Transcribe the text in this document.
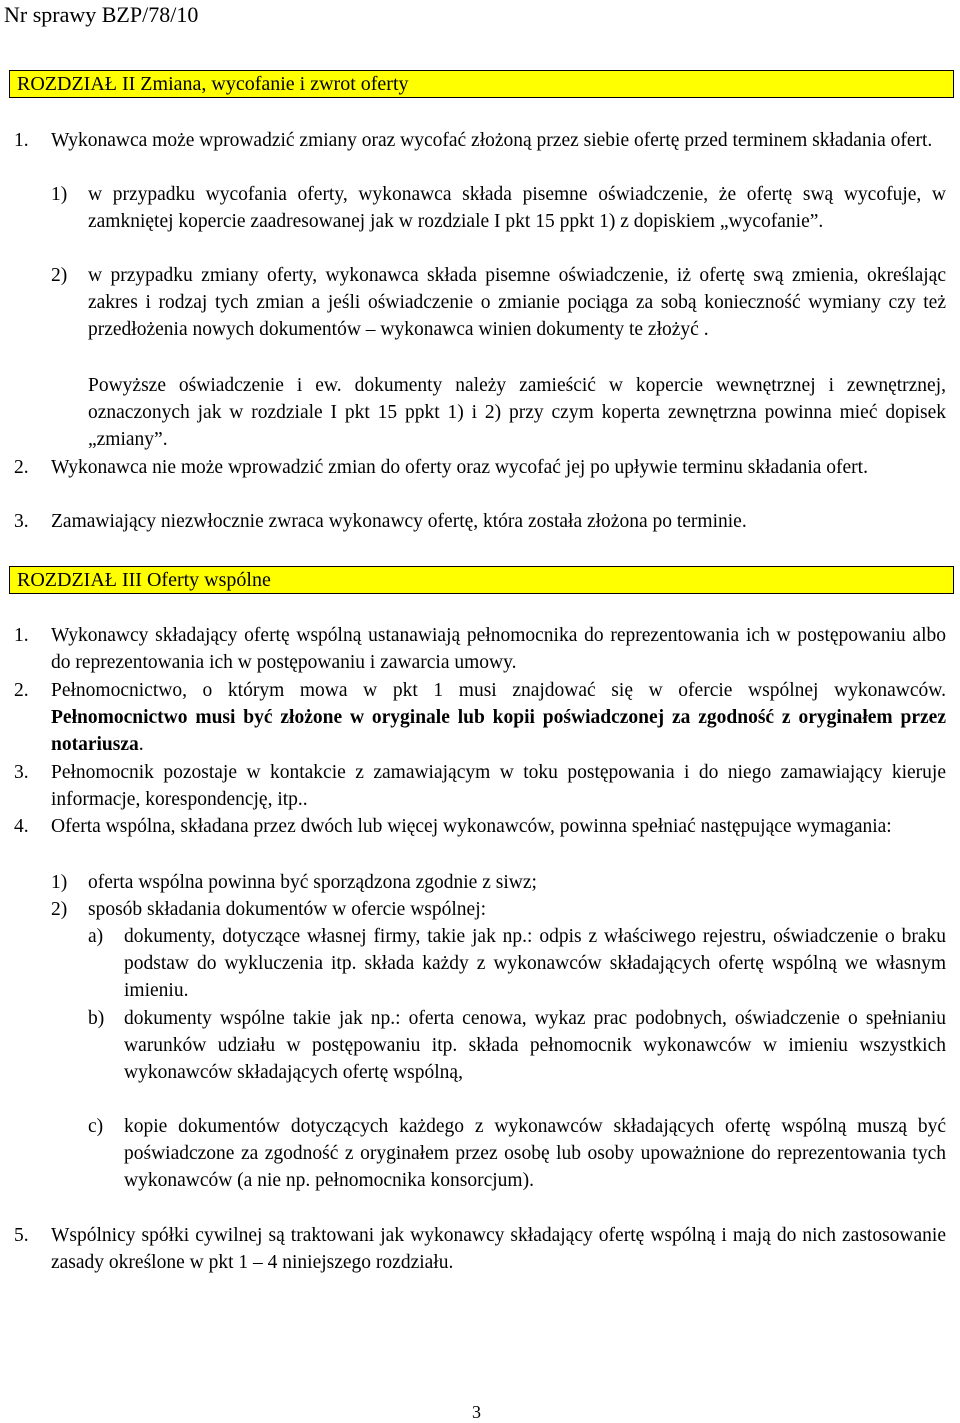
Nr sprawy BZP/78/10
ROZDZIAŁ II Zmiana, wycofanie i zwrot oferty
1. Wykonawca może wprowadzić zmiany oraz wycofać złożoną przez siebie ofertę przed terminem składania ofert.
1) w przypadku wycofania oferty, wykonawca składa pisemne oświadczenie, że ofertę swą wycofuje, w zamkniętej kopercie zaadresowanej jak w rozdziale I pkt 15 ppkt 1) z dopiskiem „wycofanie”.
2) w przypadku zmiany oferty, wykonawca składa pisemne oświadczenie, iż ofertę swą zmienia, określając zakres i rodzaj tych zmian a jeśli oświadczenie o zmianie pociąga za sobą konieczność wymiany czy też przedłożenia nowych dokumentów – wykonawca winien dokumenty te złożyć .
Powyższe oświadczenie i ew. dokumenty należy zamieścić w kopercie wewnętrznej i zewnętrznej, oznaczonych jak w rozdziale I pkt 15 ppkt 1) i 2) przy czym koperta zewnętrzna powinna mieć dopisek „zmiany”.
2. Wykonawca nie może wprowadzić zmian do oferty oraz wycofać jej po upływie terminu składania ofert.
3. Zamawiający niezwłocznie zwraca wykonawcy ofertę, która została złożona po terminie.
ROZDZIAŁ III Oferty wspólne
1. Wykonawcy składający ofertę wspólną ustanawiają pełnomocnika do reprezentowania ich w postępowaniu albo do reprezentowania ich w postępowaniu i zawarcia umowy.
2. Pełnomocnictwo, o którym mowa w pkt 1 musi znajdować się w ofercie wspólnej wykonawców. Pełnomocnictwo musi być złożone w oryginale lub kopii poświadczonej za zgodność z oryginałem przez notariusza.
3. Pełnomocnik pozostaje w kontakcie z zamawiającym w toku postępowania i do niego zamawiający kieruje informacje, korespondencję, itp..
4. Oferta wspólna, składana przez dwóch lub więcej wykonawców, powinna spełniać następujące wymagania:
1) oferta wspólna powinna być sporządzona zgodnie z siwz;
2) sposób składania dokumentów w ofercie wspólnej:
a) dokumenty, dotyczące własnej firmy, takie jak np.: odpis z właściwego rejestru, oświadczenie o braku podstaw do wykluczenia itp. składa każdy z wykonawców składających ofertę wspólną we własnym imieniu.
b) dokumenty wspólne takie jak np.: oferta cenowa, wykaz prac podobnych, oświadczenie o spełnianiu warunków udziału w postępowaniu itp. składa pełnomocnik wykonawców w imieniu wszystkich wykonawców składających ofertę wspólną,
c) kopie dokumentów dotyczących każdego z wykonawców składających ofertę wspólną muszą być poświadczone za zgodność z oryginałem przez osobę lub osoby upoważnione do reprezentowania tych wykonawców (a nie np. pełnomocnika konsorcjum).
5. Wspólnicy spółki cywilnej są traktowani jak wykonawcy składający ofertę wspólną i mają do nich zastosowanie zasady określone w pkt 1 – 4 niniejszego rozdziału.
3
